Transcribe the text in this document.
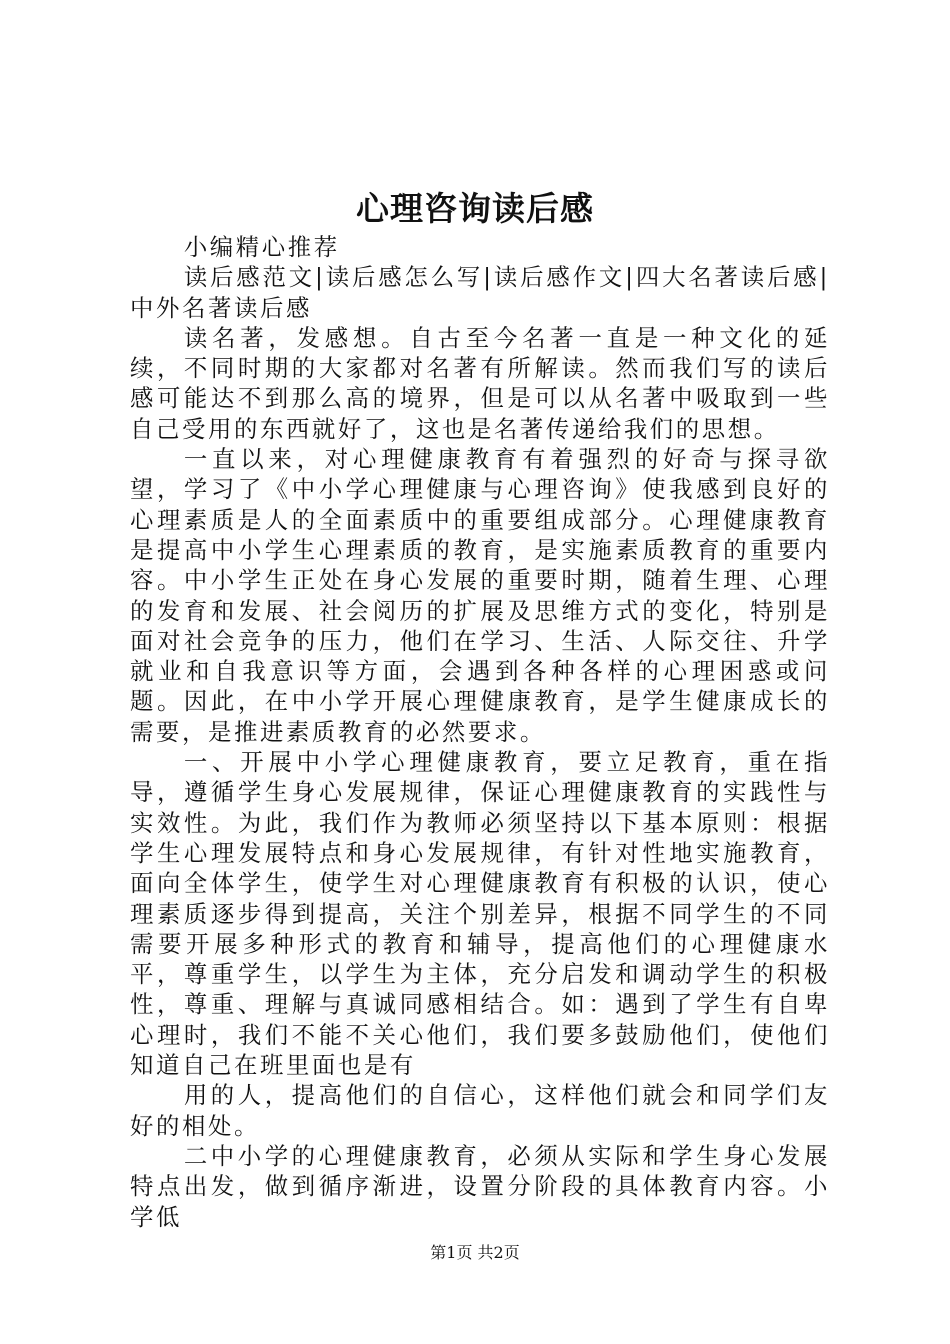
心理咨询读后感

小编精心推荐

读后感范文|读后感怎么写|读后感作文|四大名著读后感|中外名著读后感

读名著，发感想。自古至今名著一直是一种文化的延续，不同时期的大家都对名著有所解读。然而我们写的读后感可能达不到那么高的境界，但是可以从名著中吸取到一些自己受用的东西就好了，这也是名著传递给我们的思想。

一直以来，对心理健康教育有着强烈的好奇与探寻欲望，学习了《中小学心理健康与心理咨询》使我感到良好的心理素质是人的全面素质中的重要组成部分。心理健康教育是提高中小学生心理素质的教育，是实施素质教育的重要内容。中小学生正处在身心发展的重要时期，随着生理、心理的发育和发展、社会阅历的扩展及思维方式的变化，特别是面对社会竞争的压力，他们在学习、生活、人际交往、升学就业和自我意识等方面，会遇到各种各样的心理困惑或问题。因此，在中小学开展心理健康教育，是学生健康成长的需要，是推进素质教育的必然要求。

一、开展中小学心理健康教育，要立足教育，重在指导，遵循学生身心发展规律，保证心理健康教育的实践性与实效性。为此，我们作为教师必须坚持以下基本原则：根据学生心理发展特点和身心发展规律，有针对性地实施教育，面向全体学生，使学生对心理健康教育有积极的认识，使心理素质逐步得到提高，关注个别差异，根据不同学生的不同需要开展多种形式的教育和辅导，提高他们的心理健康水平，尊重学生，以学生为主体，充分启发和调动学生的积极性，尊重、理解与真诚同感相结合。如：遇到了学生有自卑心理时，我们不能不关心他们，我们要多鼓励他们，使他们知道自己在班里面也是有

用的人，提高他们的自信心，这样他们就会和同学们友好的相处。

二中小学的心理健康教育，必须从实际和学生身心发展特点出发，做到循序渐进，设置分阶段的具体教育内容。小学低

第1页 共2页
